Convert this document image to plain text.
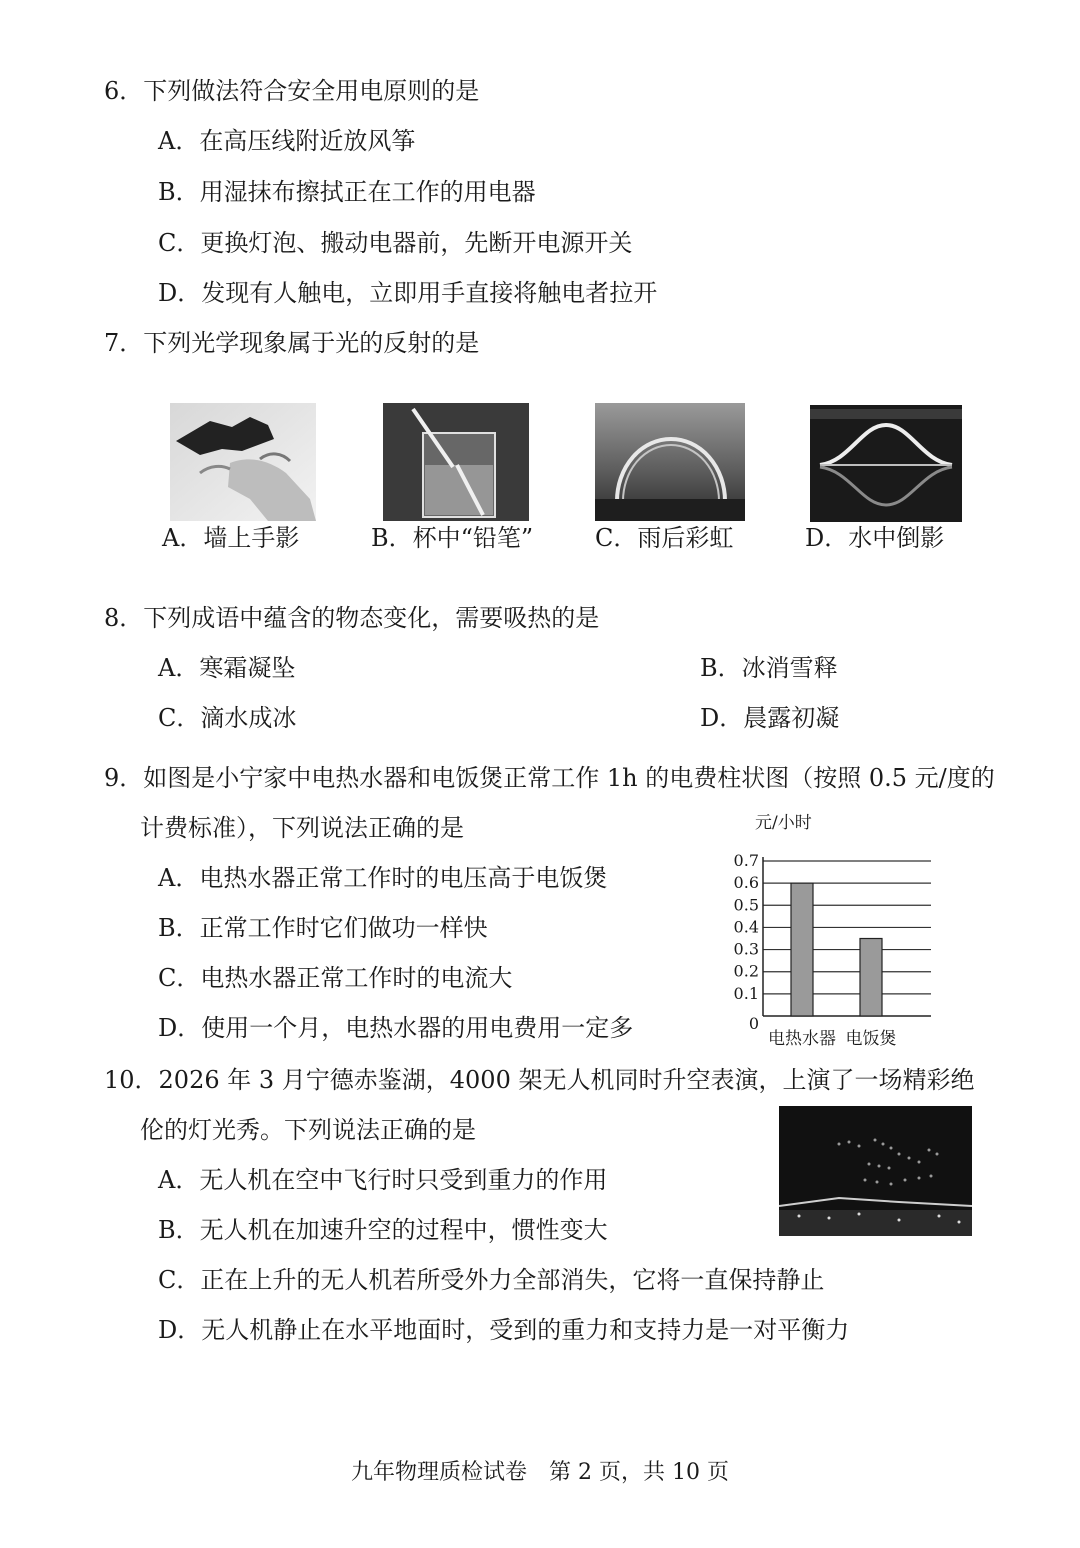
6．下列做法符合安全用电原则的是
A．在高压线附近放风筝
B．用湿抹布擦拭正在工作的用电器
C．更换灯泡、搬动电器前，先断开电源开关
D．发现有人触电，立即用手直接将触电者拉开
7．下列光学现象属于光的反射的是
A．墙上手影	B．杯中“铅笔”	C．雨后彩虹	D．水中倒影
8．下列成语中蕴含的物态变化，需要吸热的是
A．寒霜凝坠	B．冰消雪释
C．滴水成冰	D．晨露初凝
9．如图是小宁家中电热水器和电饭煲正常工作 1h 的电费柱状图（按照 0.5 元/度的
计费标准），下列说法正确的是
A．电热水器正常工作时的电压高于电饭煲
B．正常工作时它们做功一样快
C．电热水器正常工作时的电流大
D．使用一个月，电热水器的用电费用一定多
元/小时
0
0.1
0.2
0.3
0.4
0.5
0.6
0.7
电热水器 电饭煲
10．2026 年 3 月宁德赤鉴湖，4000 架无人机同时升空表演，上演了一场精彩绝
伦的灯光秀。下列说法正确的是
A．无人机在空中飞行时只受到重力的作用
B．无人机在加速升空的过程中，惯性变大
C．正在上升的无人机若所受外力全部消失，它将一直保持静止
D．无人机静止在水平地面时，受到的重力和支持力是一对平衡力
九年物理质检试卷　第 2 页，共 10 页
